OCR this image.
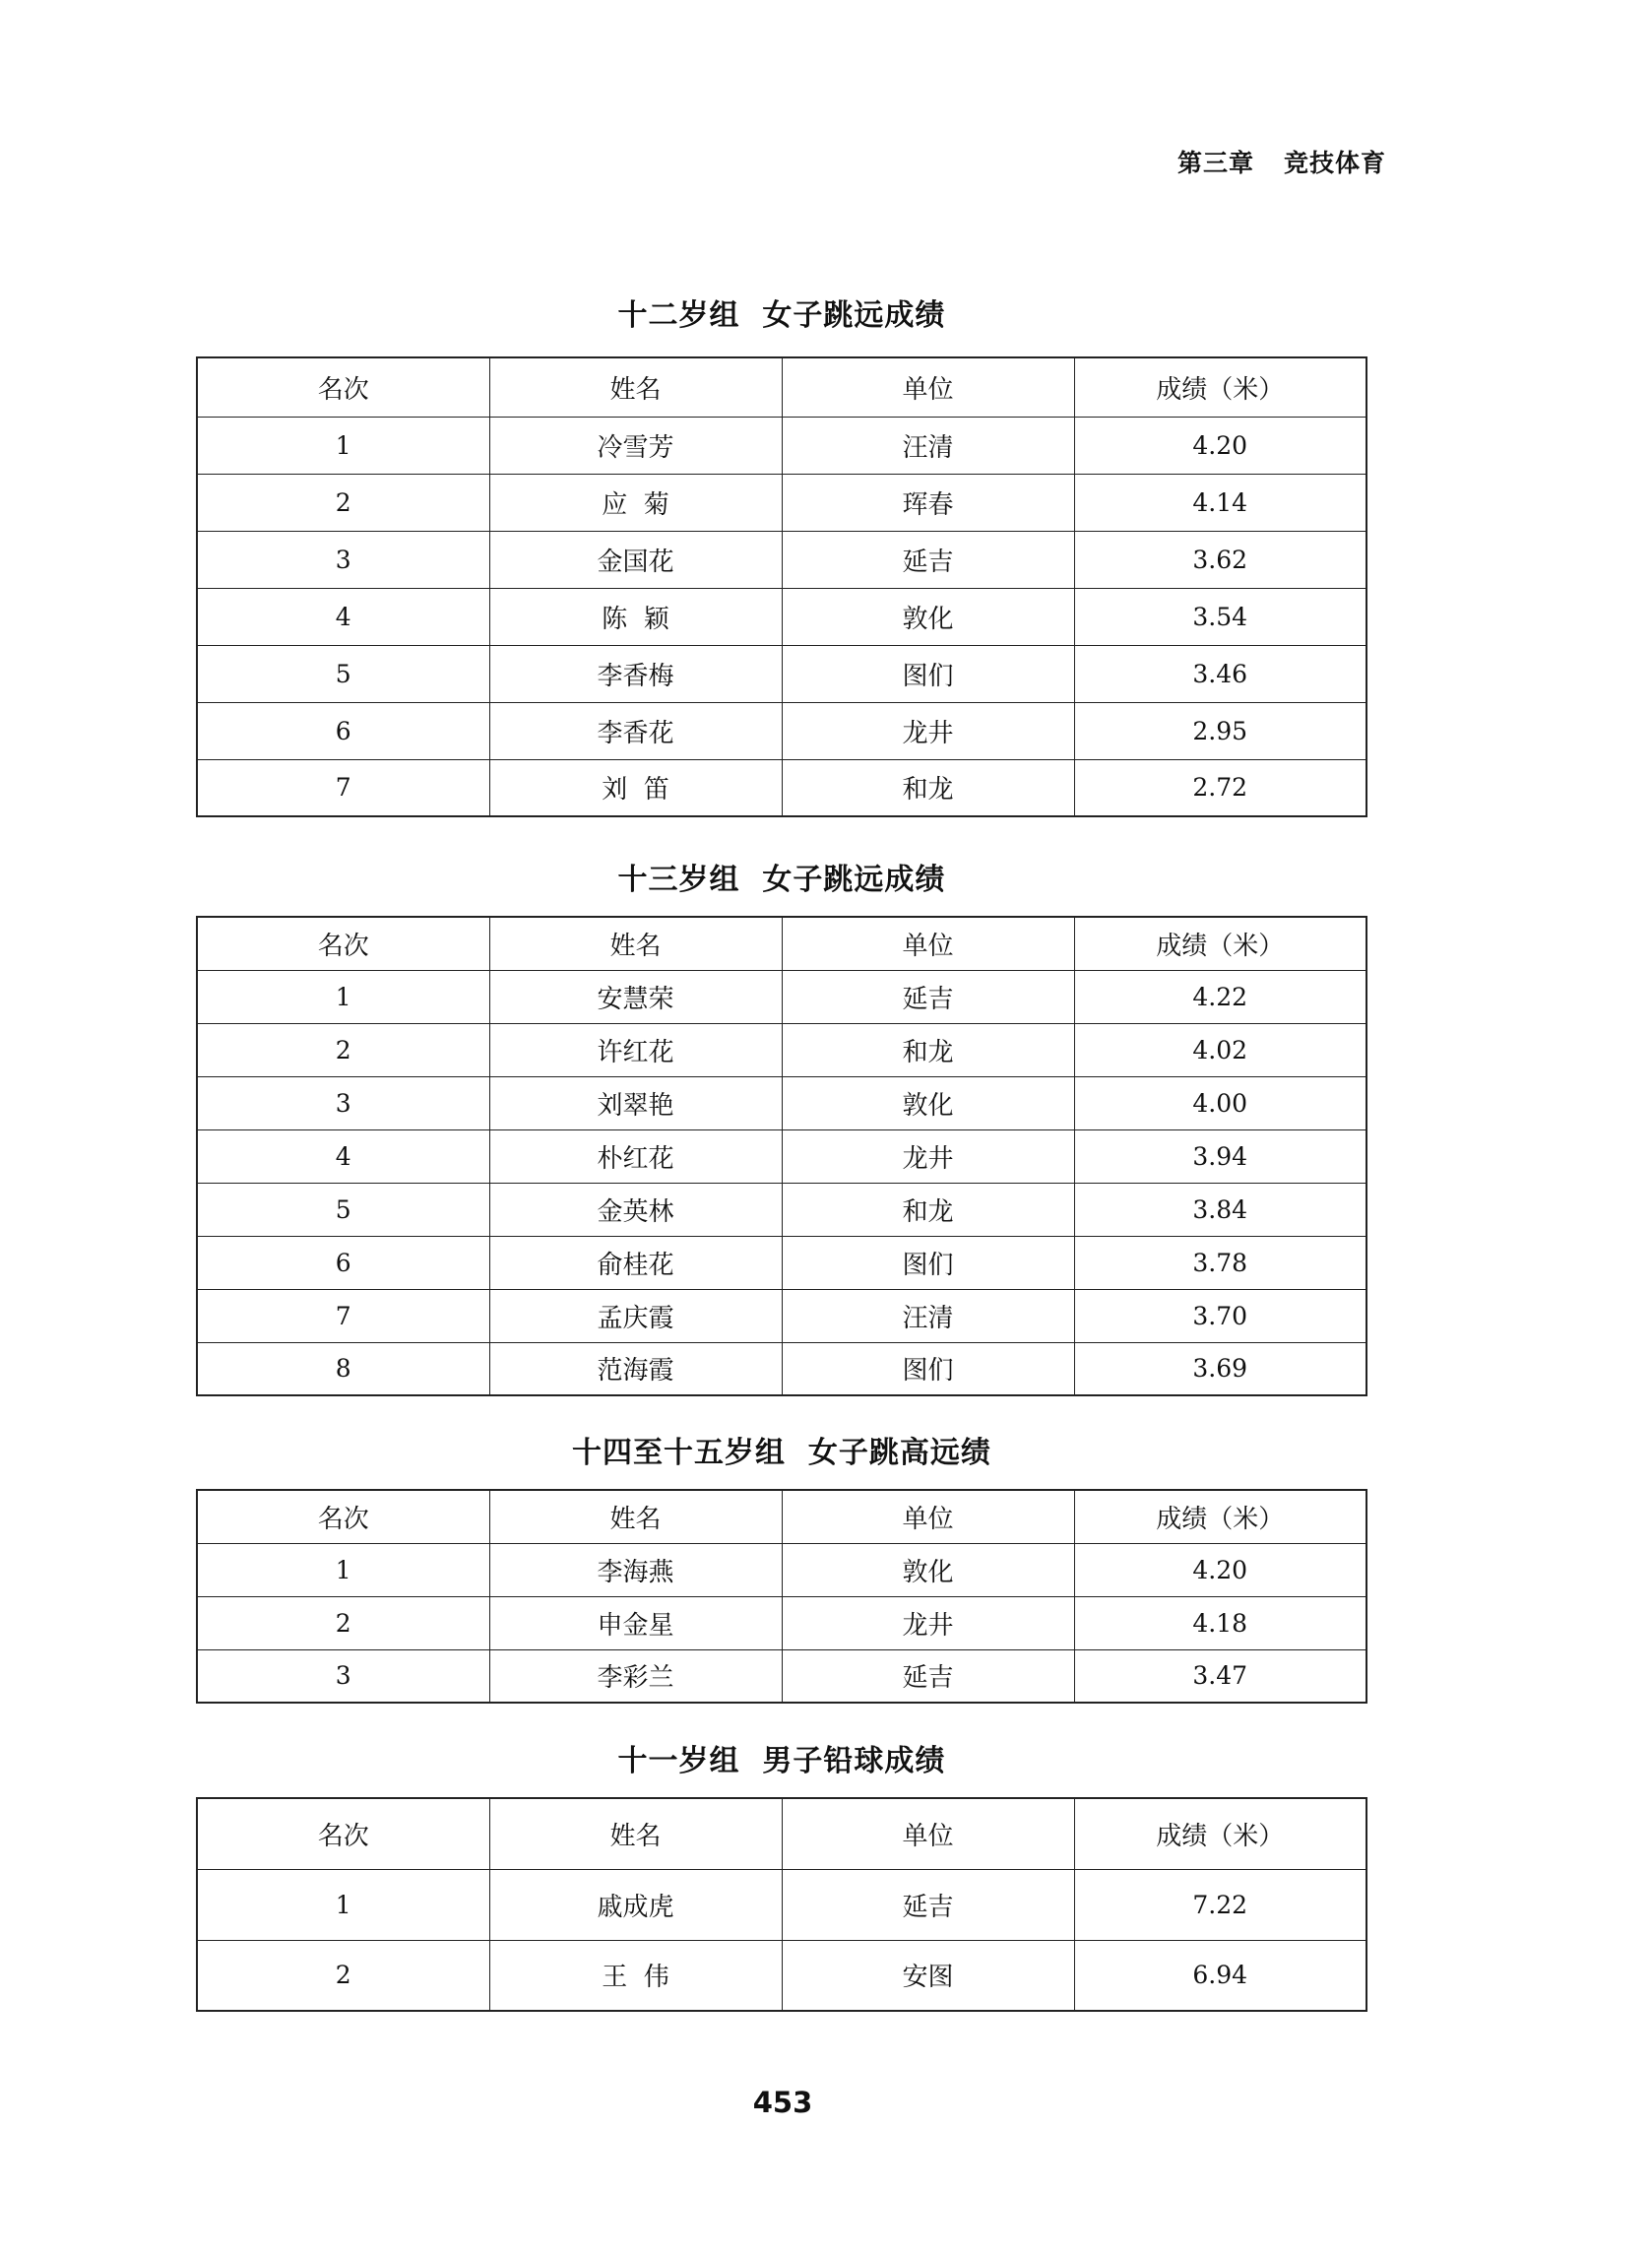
第三章 竞技体育
十二岁组  女子跳远成绩
名次	姓名	单位	成绩（米）
1	冷雪芳	汪清	4.20
2	应  菊	珲春	4.14
3	金国花	延吉	3.62
4	陈  颖	敦化	3.54
5	李香梅	图们	3.46
6	李香花	龙井	2.95
7	刘  笛	和龙	2.72
十三岁组  女子跳远成绩
名次	姓名	单位	成绩（米）
1	安慧荣	延吉	4.22
2	许红花	和龙	4.02
3	刘翠艳	敦化	4.00
4	朴红花	龙井	3.94
5	金英林	和龙	3.84
6	俞桂花	图们	3.78
7	孟庆霞	汪清	3.70
8	范海霞	图们	3.69
十四至十五岁组  女子跳高远绩
名次	姓名	单位	成绩（米）
1	李海燕	敦化	4.20
2	申金星	龙井	4.18
3	李彩兰	延吉	3.47
十一岁组  男子铅球成绩
名次	姓名	单位	成绩（米）
1	戚成虎	延吉	7.22
2	王  伟	安图	6.94
453
